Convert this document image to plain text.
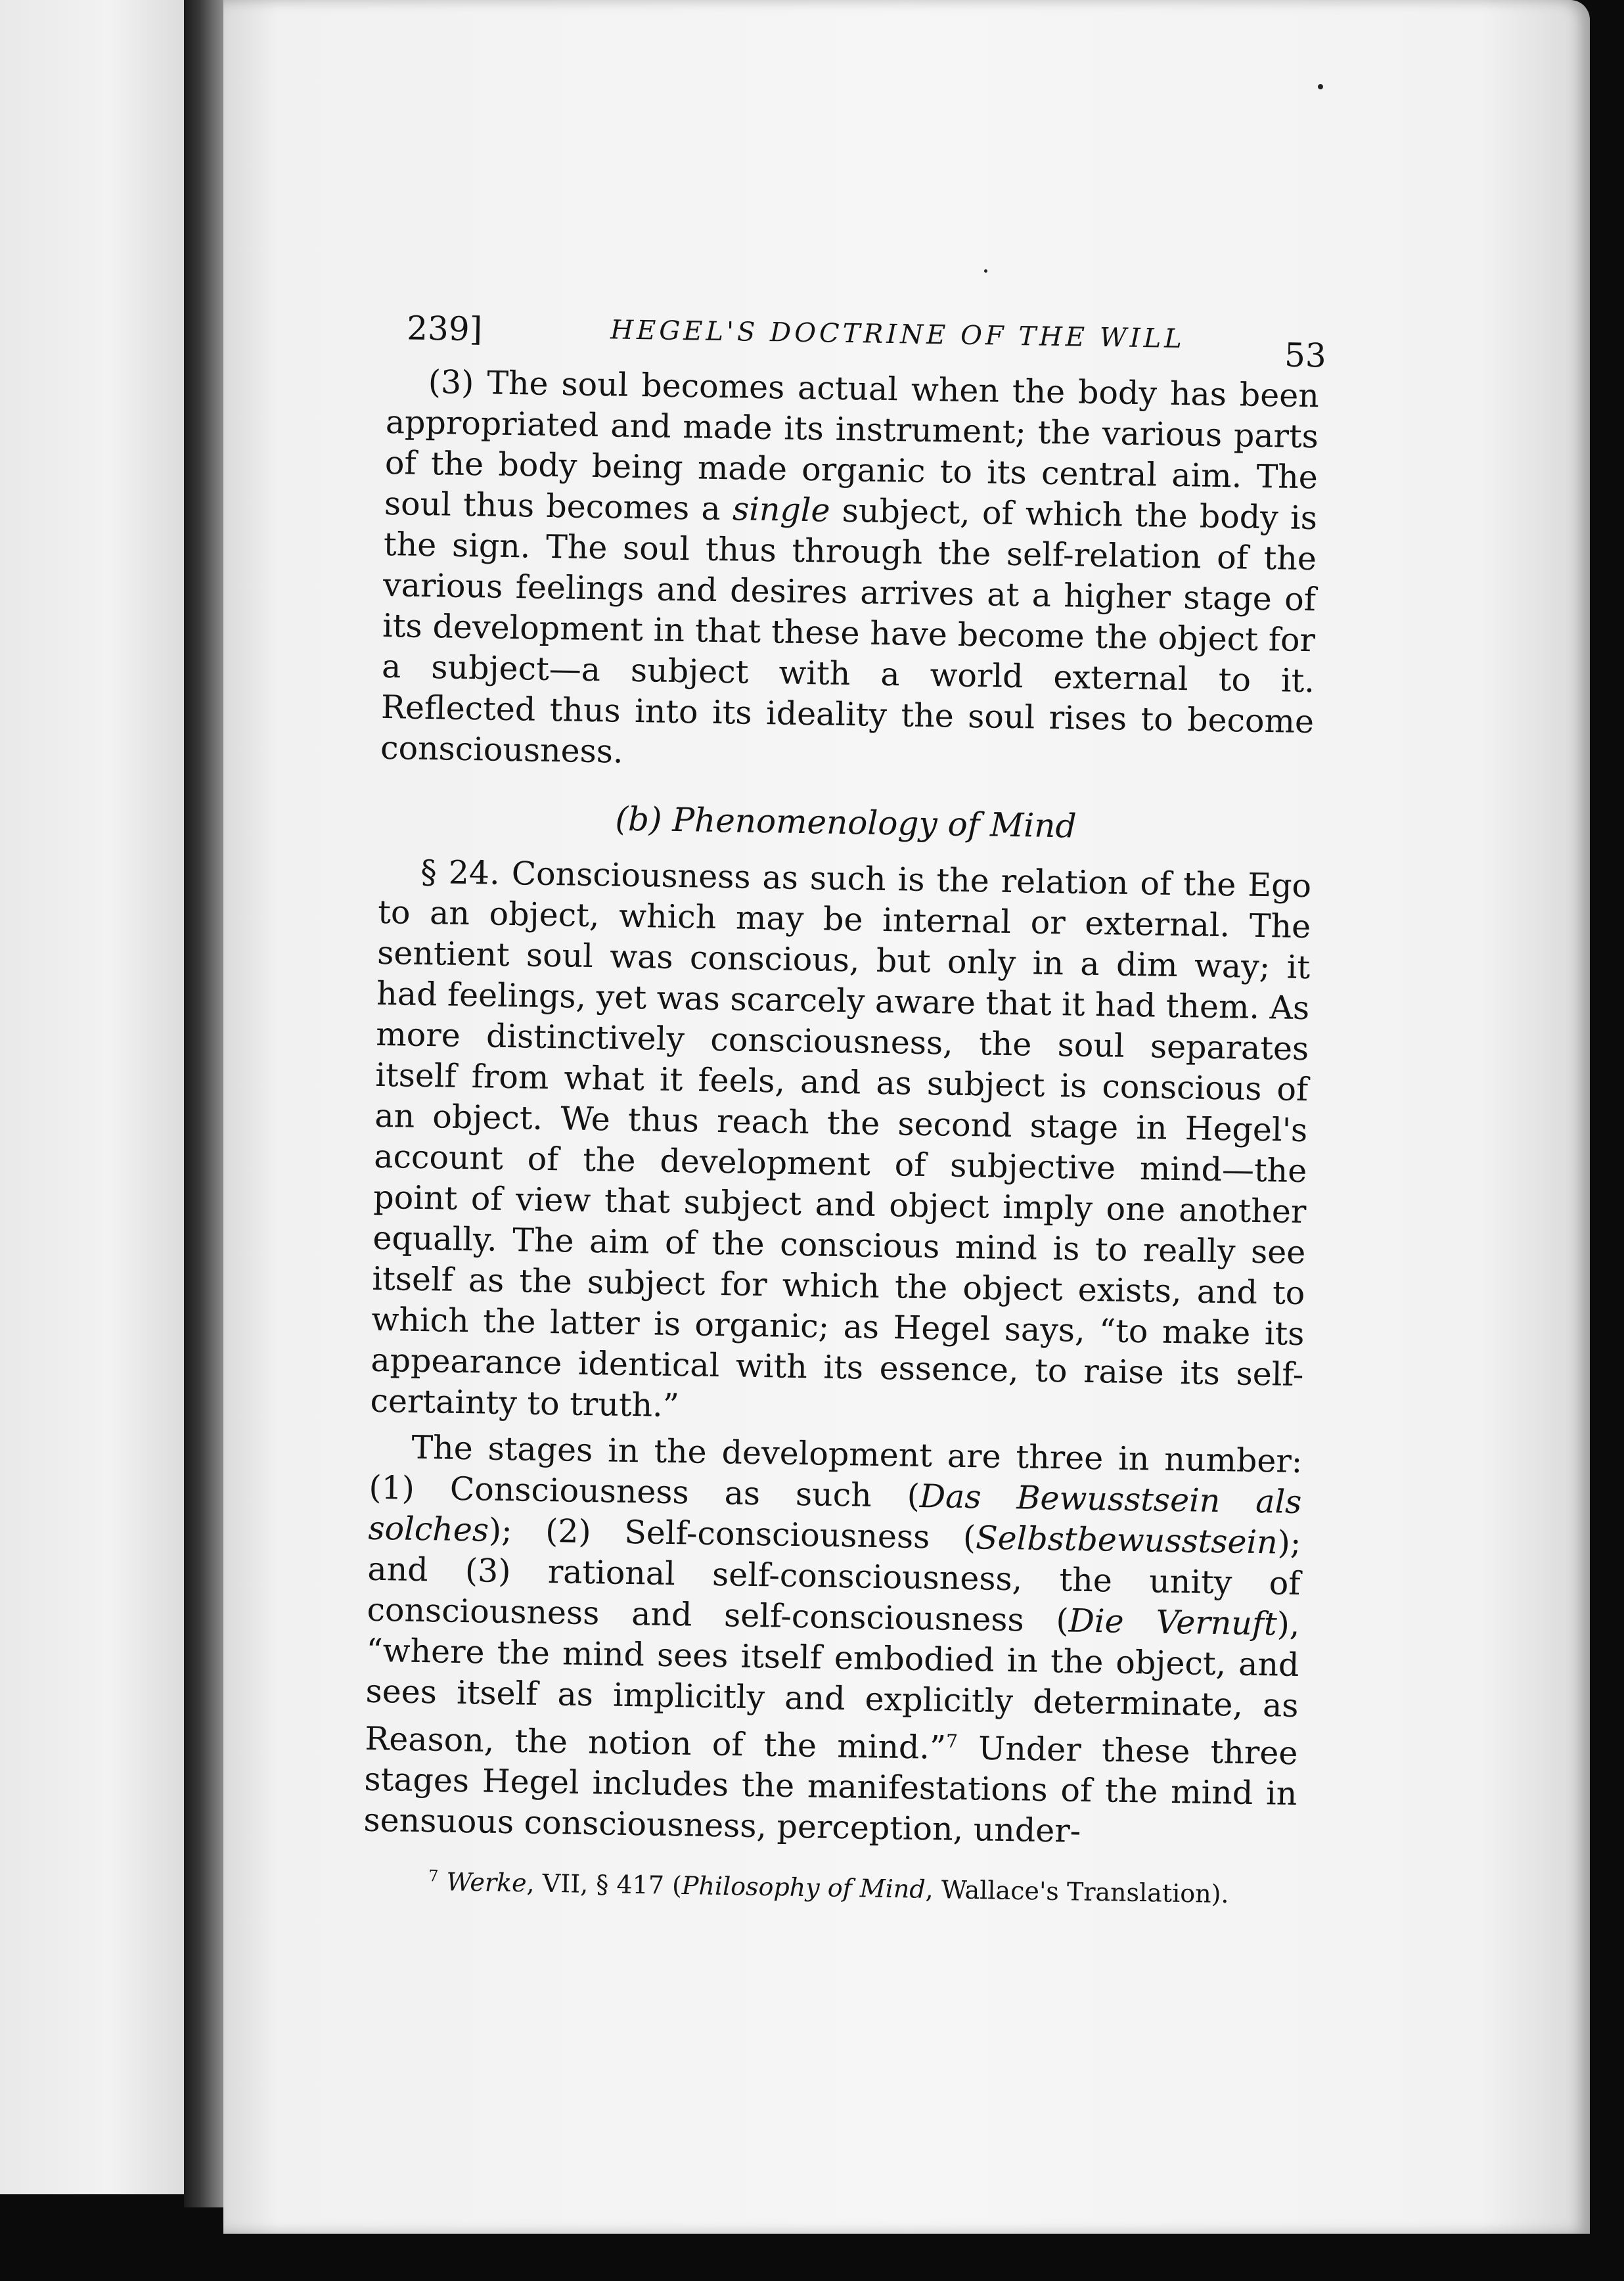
239]	HEGEL'S DOCTRINE OF THE WILL
53

(3) The soul becomes actual when the body has been appropriated and made its instrument; the various parts of the body being made organic to its central aim. The soul thus becomes a single subject, of which the body is the sign. The soul thus through the self-relation of the various feelings and desires arrives at a higher stage of its development in that these have become the object for a subject—a subject with a world external to it. Reflected thus into its ideality the soul rises to become consciousness.

(b) Phenomenology of Mind

§ 24. Consciousness as such is the relation of the Ego to an object, which may be internal or external. The sentient soul was conscious, but only in a dim way; it had feelings, yet was scarcely aware that it had them. As more distinctively consciousness, the soul separates itself from what it feels, and as subject is conscious of an object. We thus reach the second stage in Hegel's account of the development of subjective mind—the point of view that subject and object imply one another equally. The aim of the conscious mind is to really see itself as the subject for which the object exists, and to which the latter is organic; as Hegel says, “to make its appearance identical with its essence, to raise its self-certainty to truth.”

The stages in the development are three in number: (1) Consciousness as such (Das Bewusstsein als solches); (2) Self-consciousness (Selbstbewusstsein); and (3) rational self-consciousness, the unity of consciousness and self-consciousness (Die Vernuft), “where the mind sees itself embodied in the object, and sees itself as implicitly and explicitly determinate, as Reason, the notion of the mind.”$^7$ Under these three stages Hegel includes the manifestations of the mind in sensuous consciousness, perception, under-

$^7$ Werke, VII, § 417 (Philosophy of Mind, Wallace's Translation).
